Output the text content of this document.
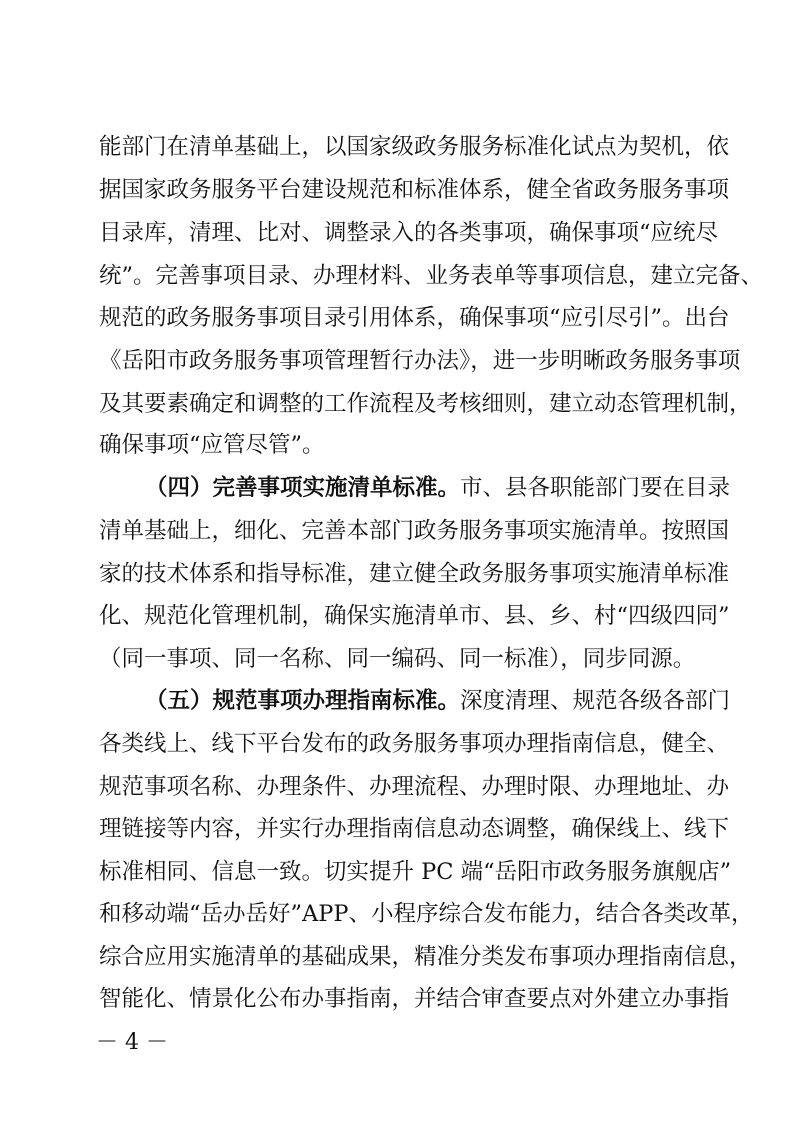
能部门在清单基础上，以国家级政务服务标准化试点为契机，依
据国家政务服务平台建设规范和标准体系，健全省政务服务事项
目录库，清理、比对、调整录入的各类事项，确保事项“应统尽
统”。完善事项目录、办理材料、业务表单等事项信息，建立完备、
规范的政务服务事项目录引用体系，确保事项“应引尽引”。出台
《岳阳市政务服务事项管理暂行办法》，进一步明晰政务服务事项
及其要素确定和调整的工作流程及考核细则，建立动态管理机制，
确保事项“应管尽管”。
（四）完善事项实施清单标准。市、县各职能部门要在目录
清单基础上，细化、完善本部门政务服务事项实施清单。按照国
家的技术体系和指导标准，建立健全政务服务事项实施清单标准
化、规范化管理机制，确保实施清单市、县、乡、村“四级四同”
（同一事项、同一名称、同一编码、同一标准），同步同源。
（五）规范事项办理指南标准。深度清理、规范各级各部门
各类线上、线下平台发布的政务服务事项办理指南信息，健全、
规范事项名称、办理条件、办理流程、办理时限、办理地址、办
理链接等内容，并实行办理指南信息动态调整，确保线上、线下
标准相同、信息一致。切实提升 PC 端“岳阳市政务服务旗舰店”
和移动端“岳办岳好”APP、小程序综合发布能力，结合各类改革，
综合应用实施清单的基础成果，精准分类发布事项办理指南信息，
智能化、情景化公布办事指南，并结合审查要点对外建立办事指
－ 4 －
